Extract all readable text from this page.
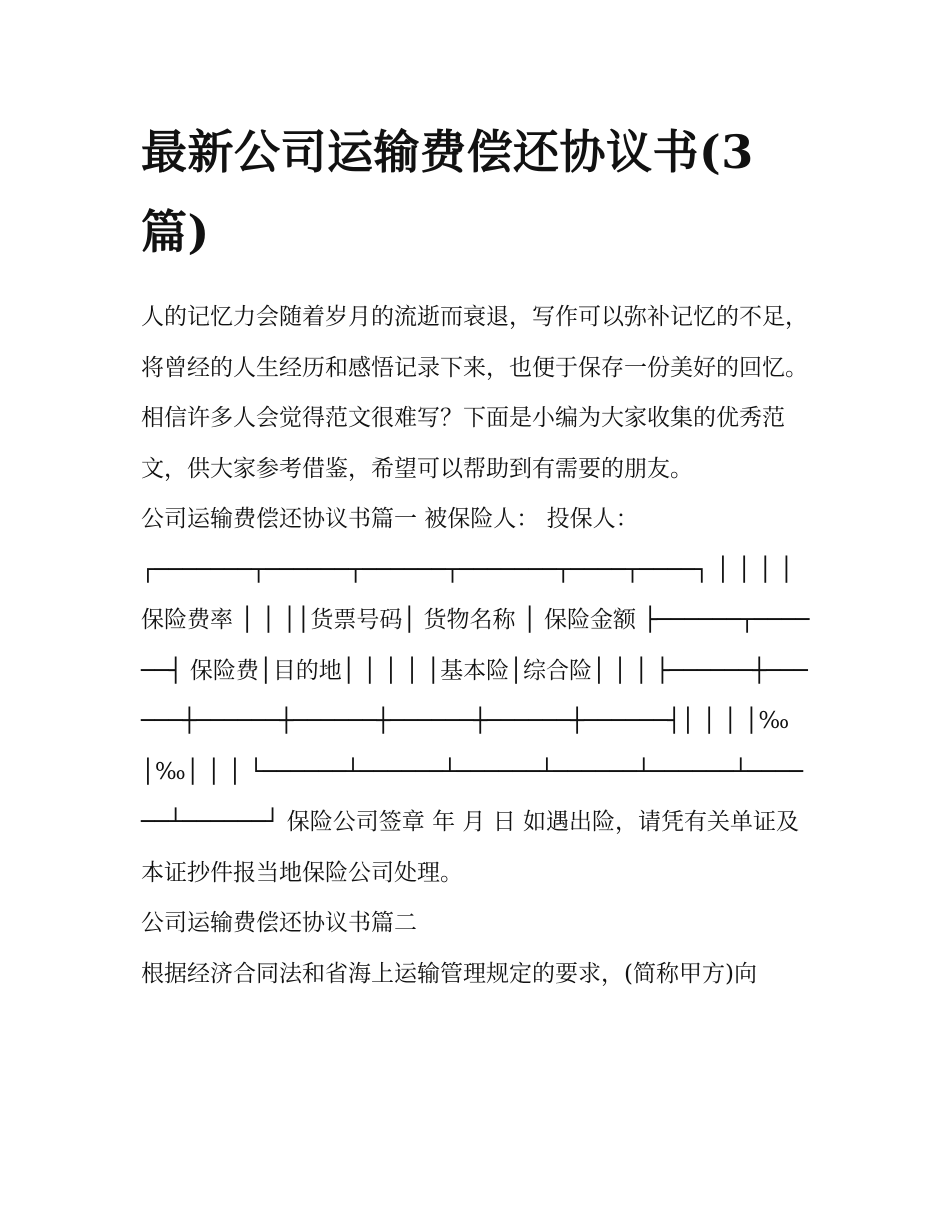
最新公司运输费偿还协议书(3篇)

人的记忆力会随着岁月的流逝而衰退，写作可以弥补记忆的不足，将曾经的人生经历和感悟记录下来，也便于保存一份美好的回忆。相信许多人会觉得范文很难写？下面是小编为大家收集的优秀范文，供大家参考借鉴，希望可以帮助到有需要的朋友。

公司运输费偿还协议书篇一 被保险人： 投保人：

┌───────┬──────┬──────┬───────┬────┬────┐ │ │ │ │ 保险费率 │ │ ││货票号码│ 货物名称 │ 保险金额 ├──────┬──────┤ 保险费│目的地│ │ │ │ │基本险│综合险│ │ │ ├──────┼──────┼──────┼──────┼──────┼──────┼──────┤│ │ │ │‰│‰│ │ │ └──────┴──────┴──────┴──────┴──────┴──────┴──────┘ 保险公司签章 年 月 日 如遇出险，请凭有关单证及本证抄件报当地保险公司处理。

公司运输费偿还协议书篇二

根据经济合同法和省海上运输管理规定的要求，(简称甲方)向
